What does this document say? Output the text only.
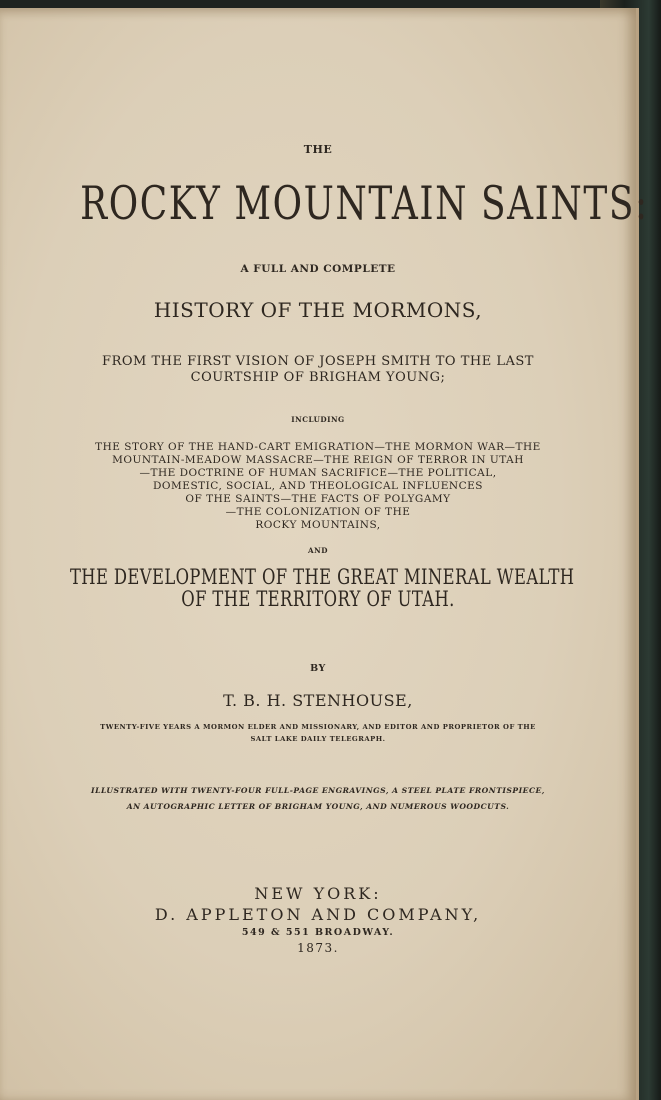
THE
ROCKY MOUNTAIN SAINTS:
A FULL AND COMPLETE
HISTORY OF THE MORMONS,
FROM THE FIRST VISION OF JOSEPH SMITH TO THE LAST
COURTSHIP OF BRIGHAM YOUNG;
INCLUDING
THE STORY OF THE HAND-CART EMIGRATION—THE MORMON WAR—THE
MOUNTAIN-MEADOW MASSACRE—THE REIGN OF TERROR IN UTAH
—THE DOCTRINE OF HUMAN SACRIFICE—THE POLITICAL,
DOMESTIC, SOCIAL, AND THEOLOGICAL INFLUENCES
OF THE SAINTS—THE FACTS OF POLYGAMY
—THE COLONIZATION OF THE
ROCKY MOUNTAINS,
AND
THE DEVELOPMENT OF THE GREAT MINERAL WEALTH
OF THE TERRITORY OF UTAH.
BY
T. B. H. STENHOUSE,
TWENTY-FIVE YEARS A MORMON ELDER AND MISSIONARY, AND EDITOR AND PROPRIETOR OF THE
SALT LAKE DAILY TELEGRAPH.
ILLUSTRATED WITH TWENTY-FOUR FULL-PAGE ENGRAVINGS, A STEEL PLATE FRONTISPIECE,
AN AUTOGRAPHIC LETTER OF BRIGHAM YOUNG, AND NUMEROUS WOODCUTS.
NEW YORK:
D. APPLETON AND COMPANY,
549 & 551 BROADWAY.
1873.
